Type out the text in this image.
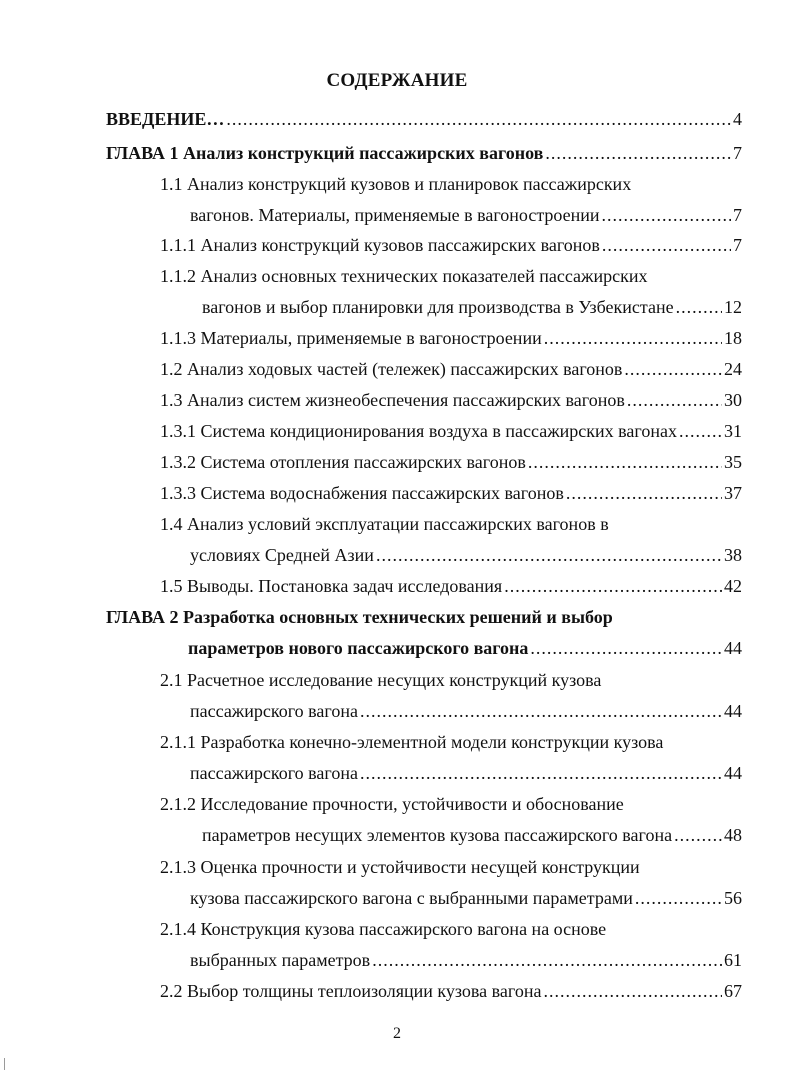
СОДЕРЖАНИЕ
ВВЕДЕНИЕ… .....	4
ГЛАВА 1 Анализ конструкций пассажирских вагонов .....	7
1.1 Анализ конструкций кузовов и планировок пассажирских
вагонов. Материалы, применяемые в вагоностроении .....	7
1.1.1 Анализ конструкций кузовов пассажирских вагонов .....	7
1.1.2 Анализ основных технических показателей пассажирских
вагонов и выбор планировки для производства в Узбекистане .....	12
1.1.3 Материалы, применяемые в вагоностроении .....	18
1.2 Анализ ходовых частей (тележек) пассажирских вагонов .....	24
1.3 Анализ систем жизнеобеспечения пассажирских вагонов .....	30
1.3.1 Система кондиционирования воздуха в пассажирских вагонах .....	31
1.3.2 Система отопления пассажирских вагонов .....	35
1.3.3 Система водоснабжения пассажирских вагонов .....	37
1.4 Анализ условий эксплуатации пассажирских вагонов в
условиях Средней Азии .....	38
1.5 Выводы. Постановка задач исследования .....	42
ГЛАВА 2 Разработка основных технических решений и выбор
параметров нового пассажирского вагона .....	44
2.1 Расчетное исследование несущих конструкций кузова
пассажирского вагона .....	44
2.1.1 Разработка конечно-элементной модели конструкции кузова
пассажирского вагона .....	44
2.1.2 Исследование прочности, устойчивости и обоснование
параметров несущих элементов кузова пассажирского вагона .....	48
2.1.3 Оценка прочности и устойчивости несущей конструкции
кузова пассажирского вагона с выбранными параметрами .....	56
2.1.4 Конструкция кузова пассажирского вагона на основе
выбранных параметров .....	61
2.2 Выбор толщины теплоизоляции кузова вагона .....	67
2
